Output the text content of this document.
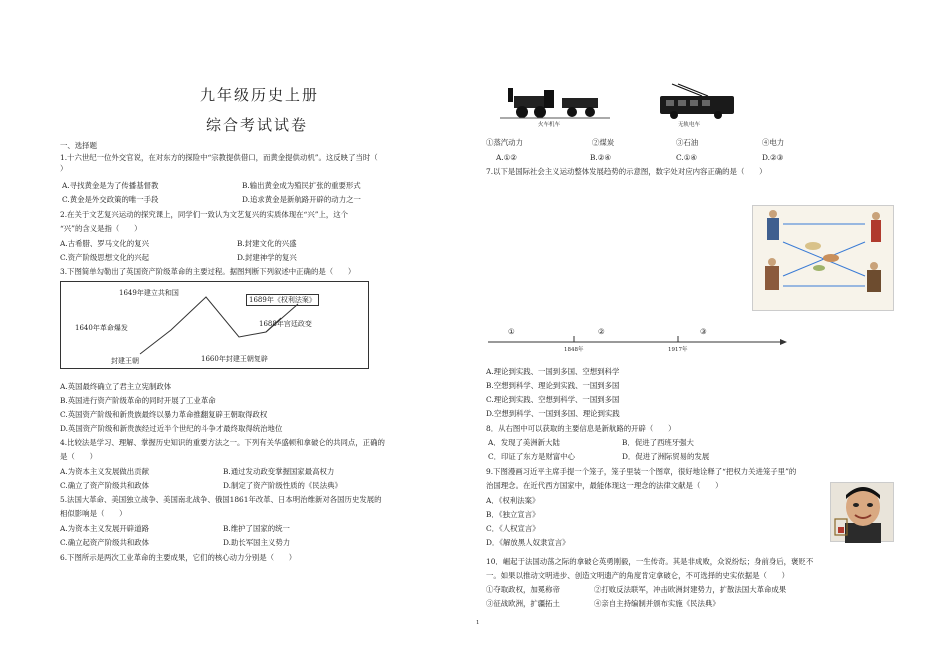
九年级历史上册
综合考试试卷
一、选择题
1.十六世纪一位外交官说，在对东方的探险中“宗教提供借口，而黄金提供动机”。这反映了当时（
）
A.寻找黄金是为了传播基督教	B.输出黄金成为殖民扩张的重要形式
C.黄金是外交政策的唯一手段	D.追求黄金是新航路开辟的动力之一
2.在关于文艺复兴运动的探究课上，同学们一致认为文艺复兴的实质体现在“兴”上，这个
“兴”的含义是指（　　）
A.古希腊、罗马文化的复兴	B.封建文化的兴盛
C.资产阶级思想文化的兴起	D.封建神学的复兴
3.下图简单勾勒出了英国资产阶级革命的主要过程。据图判断下列叙述中正确的是（　　）
1649年建立共和国
1689年《权利法案》
1640年革命爆发	1688年宫廷政变
封建王朝	1660年封建王朝复辟
A.英国最终确立了君主立宪制政体
B.英国进行资产阶级革命的同时开展了工业革命
C.英国资产阶级和新贵族最终以暴力革命推翻复辟王朝取得政权
D.英国资产阶级和新贵族经过近半个世纪的斗争才最终取得统治地位
4.比较法是学习、理解、掌握历史知识的重要方法之一。下列有关华盛顿和拿破仑的共同点，正确的
是（　　）
A.为资本主义发展做出贡献	B.通过发动政变掌握国家最高权力
C.确立了资产阶级共和政体	D.制定了资产阶级性质的《民法典》
5.法国大革命、美国独立战争、美国南北战争、俄国1861年改革、日本明治维新对各国历史发展的
相似影响是（　　）
A.为资本主义发展开辟道路	B.维护了国家的统一
C.确立起资产阶级共和政体	D.助长军国主义势力
6.下图所示是两次工业革命的主要成果，它们的核心动力分别是（　　）
火车机车	无轨电车
①蒸汽动力	②煤炭	③石油	④电力
A.①②	B.②④	C.①④	D.②③
7.以下是国际社会主义运动整体发展趋势的示意图，数字处对应内容正确的是（　　）
①	②	③
1848年	1917年
A.理论到实践、一国到多国、空想到科学
B.空想到科学、理论到实践、一国到多国
C.理论到实践、空想到科学、一国到多国
D.空想到科学、一国到多国、理论到实践
8．从右图中可以获取的主要信息是新航路的开辟（　　）
A．发现了美洲新大陆	B．促进了西班牙强大
C．印证了东方是财富中心	D．促进了洲际贸易的发展
9.下图漫画习近平主席手提一个笼子，笼子里装一个图章，很好地诠释了“把权力关进笼子里”的
治国理念。在近代西方国家中，最能体现这一理念的法律文献是（　　）
A．《权利法案》
B．《独立宣言》
C．《人权宣言》
D．《解放黑人奴隶宣言》
10．崛起于法国动荡之际的拿破仑英勇刚毅，一生传奇。其是非成败，众说纷纭；身前身后，褒贬不
一。如果以推动文明进步、创造文明遗产的角度肯定拿破仑，不可选择的史实依据是（　　）
①夺取政权，加冕称帝	②打败反法联军，冲击欧洲封建势力，扩散法国大革命成果
③征战欧洲，扩疆拓土	④亲自主持编制并颁布实施《民法典》
1
